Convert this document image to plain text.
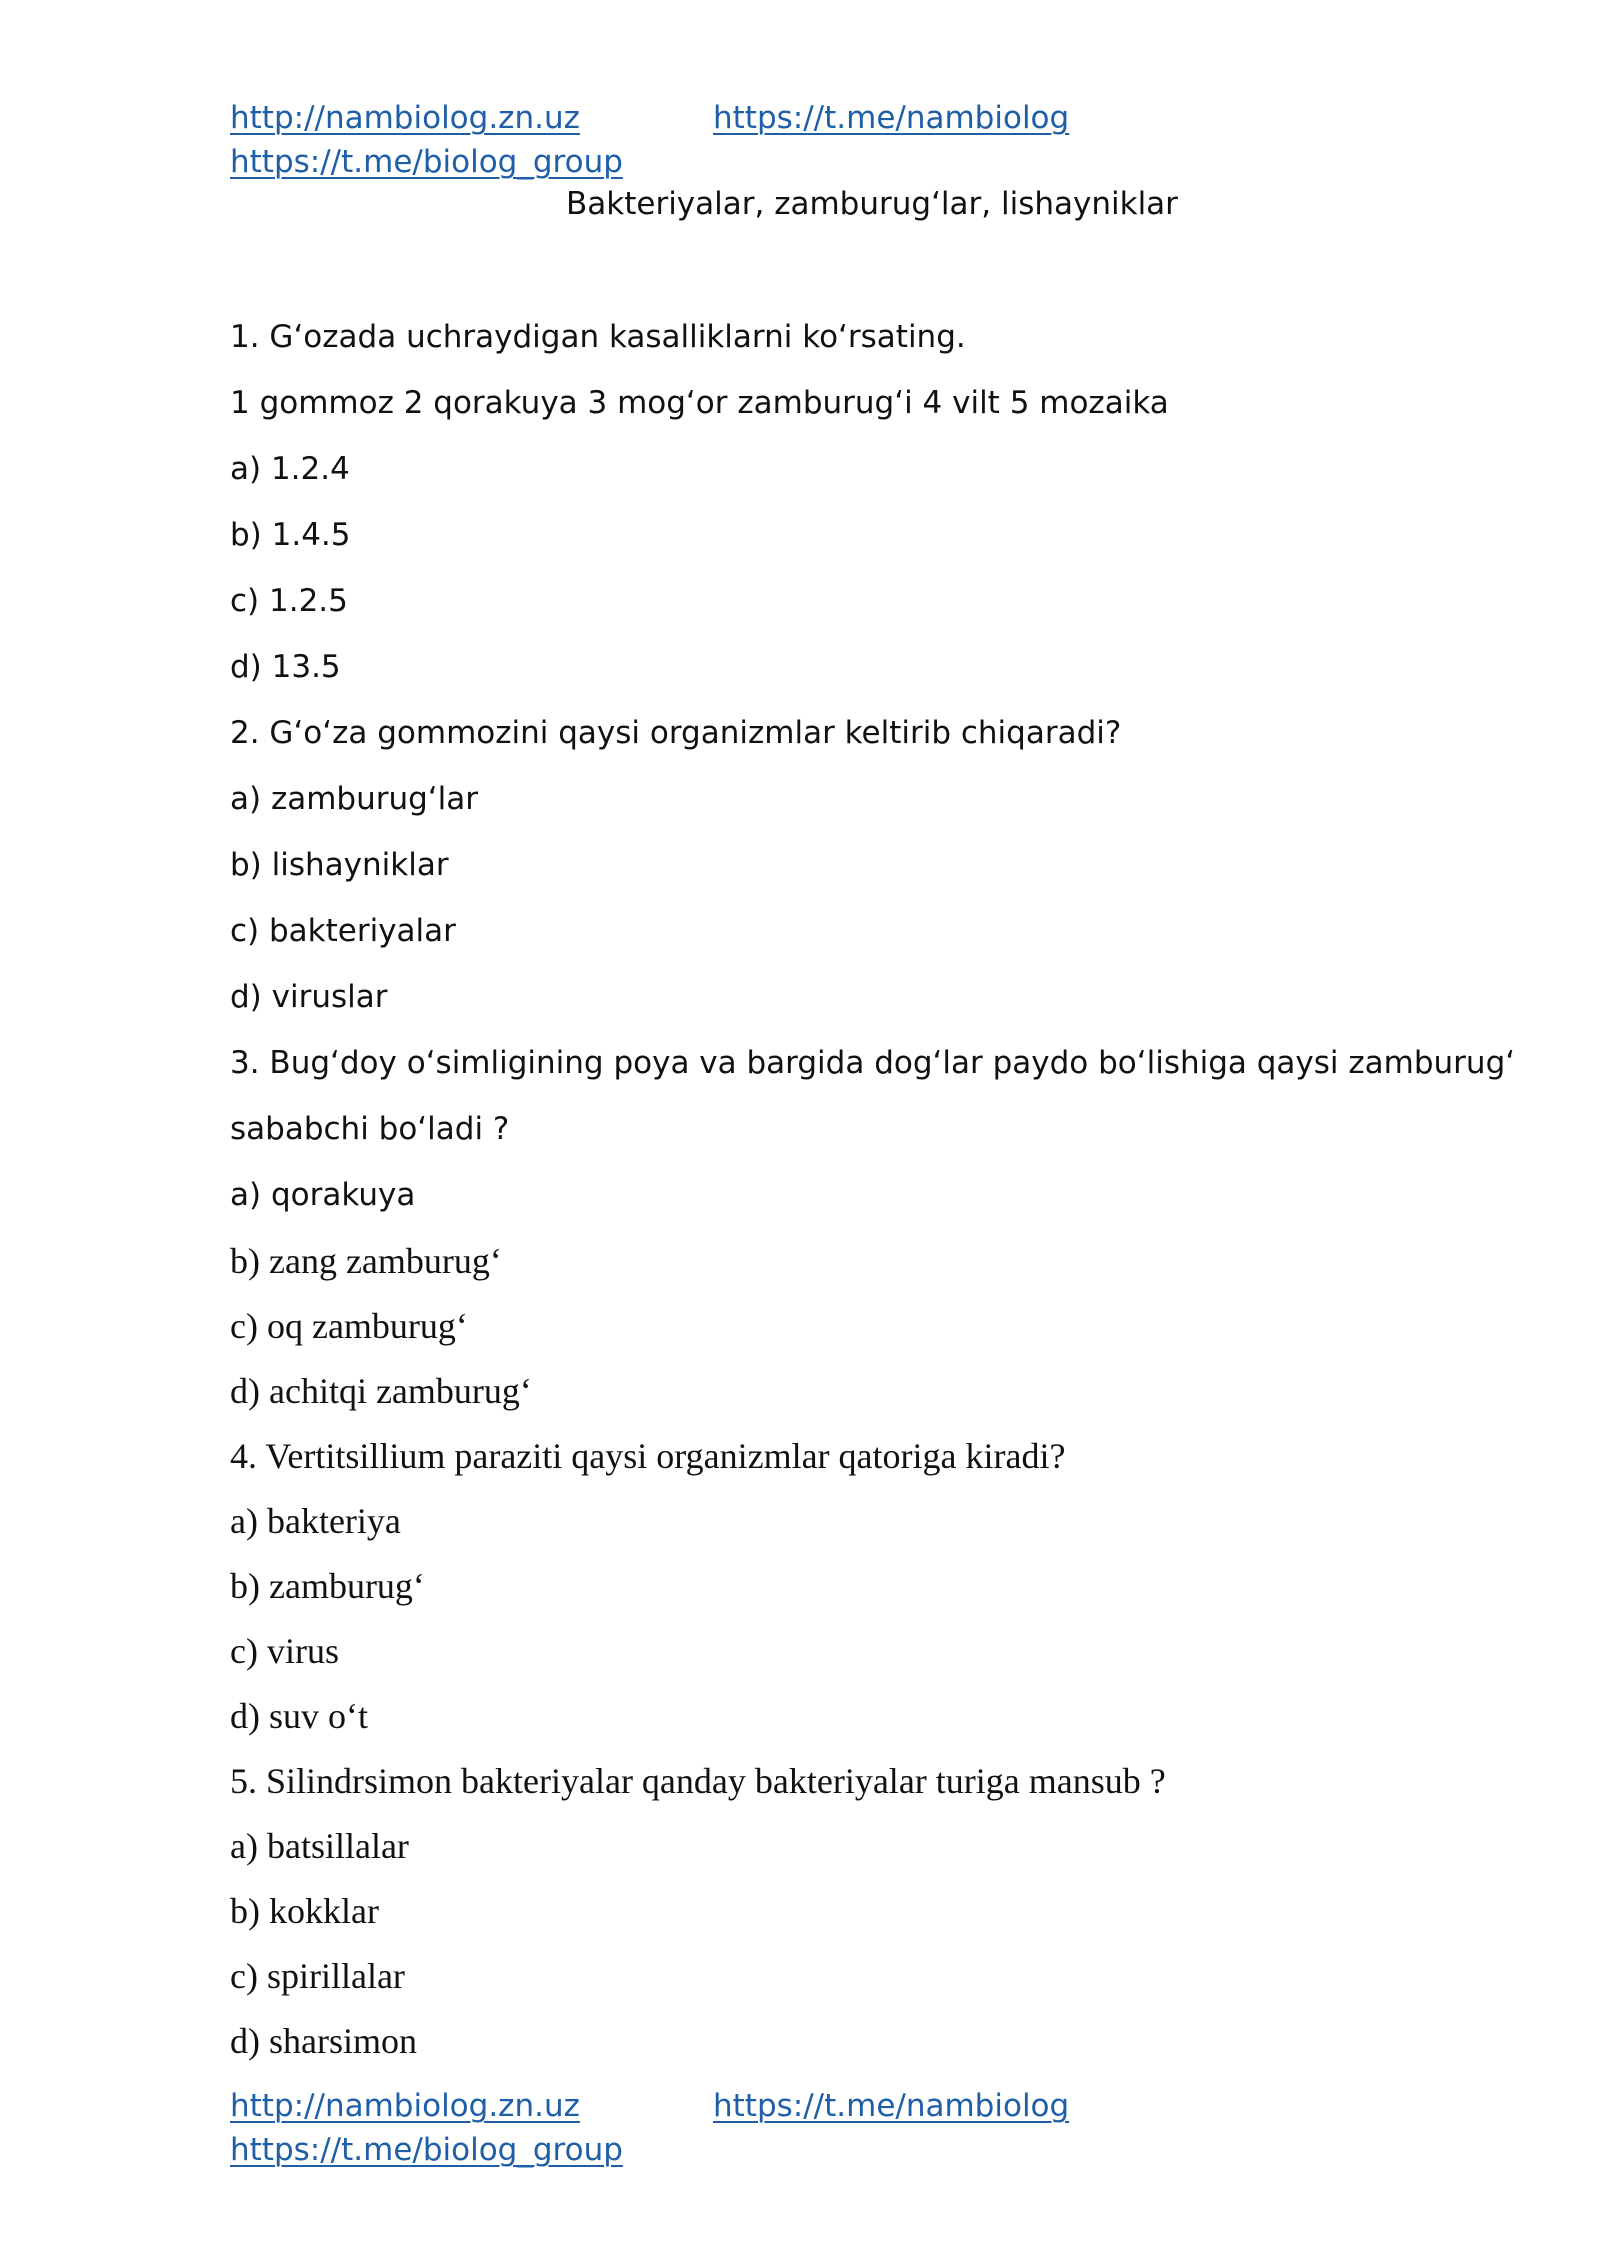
http://nambiolog.zn.uz	https://t.me/nambiolog
https://t.me/biolog_group
Bakteriyalar, zamburug‘lar, lishayniklar
1. G‘ozada uchraydigan kasalliklarni ko‘rsating.
1 gommoz 2 qorakuya 3 mog‘or zamburug‘i 4 vilt 5 mozaika
a) 1.2.4
b) 1.4.5
c) 1.2.5
d) 13.5
2. G‘o‘za gommozini qaysi organizmlar keltirib chiqaradi?
a) zamburug‘lar
b) lishayniklar
c) bakteriyalar
d) viruslar
3. Bug‘doy o‘simligining poya va bargida dog‘lar paydo bo‘lishiga qaysi zamburug‘
sababchi bo‘ladi ?
a) qorakuya
b) zang zamburug‘
c) oq zamburug‘
d) achitqi zamburug‘
4. Vertitsillium paraziti qaysi organizmlar qatoriga kiradi?
a) bakteriya
b) zamburug‘
c) virus
d) suv o‘t
5. Silindrsimon bakteriyalar qanday bakteriyalar turiga mansub ?
a) batsillalar
b) kokklar
c) spirillalar
d) sharsimon
http://nambiolog.zn.uz	https://t.me/nambiolog
https://t.me/biolog_group
